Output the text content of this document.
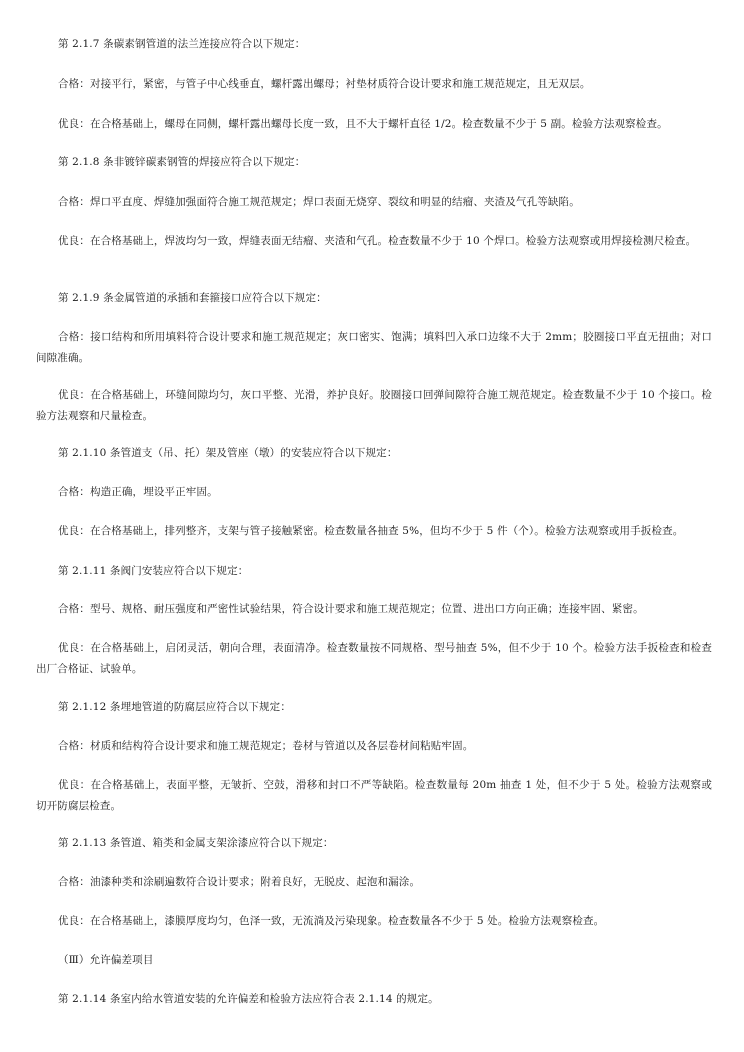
第 2.1.7 条碳素钢管道的法兰连接应符合以下规定：

合格：对接平行，紧密，与管子中心线垂直，螺杆露出螺母；衬垫材质符合设计要求和施工规范规定，且无双层。

优良：在合格基础上，螺母在同侧，螺杆露出螺母长度一致，且不大于螺杆直径 1/2。检查数量不少于 5 副。检验方法观察检查。

第 2.1.8 条非镀锌碳素钢管的焊接应符合以下规定：

合格：焊口平直度、焊缝加强面符合施工规范规定；焊口表面无烧穿、裂纹和明显的结瘤、夹渣及气孔等缺陷。

优良：在合格基础上，焊波均匀一致，焊缝表面无结瘤、夹渣和气孔。检查数量不少于 10 个焊口。检验方法观察或用焊接检测尺检查。

第 2.1.9 条金属管道的承插和套箍接口应符合以下规定：

合格：接口结构和所用填料符合设计要求和施工规范规定；灰口密实、饱满；填料凹入承口边缘不大于 2mm；胶圈接口平直无扭曲；对口间隙准确。

优良：在合格基础上，环缝间隙均匀，灰口平整、光滑，养护良好。胶圈接口回弹间隙符合施工规范规定。检查数量不少于 10 个接口。检验方法观察和尺量检查。

第 2.1.10 条管道支（吊、托）架及管座（墩）的安装应符合以下规定：

合格：构造正确，埋设平正牢固。

优良：在合格基础上，排列整齐，支架与管子接触紧密。检查数量各抽查 5%，但均不少于 5 件（个）。检验方法观察或用手扳检查。

第 2.1.11 条阀门安装应符合以下规定：

合格：型号、规格、耐压强度和严密性试验结果，符合设计要求和施工规范规定；位置、进出口方向正确；连接牢固、紧密。

优良：在合格基础上，启闭灵活，朝向合理，表面清净。检查数量按不同规格、型号抽查 5%，但不少于 10 个。检验方法手扳检查和检查出厂合格证、试验单。

第 2.1.12 条埋地管道的防腐层应符合以下规定：

合格：材质和结构符合设计要求和施工规范规定；卷材与管道以及各层卷材间粘贴牢固。

优良：在合格基础上，表面平整，无皱折、空鼓，滑移和封口不严等缺陷。检查数量每 20m 抽查 1 处，但不少于 5 处。检验方法观察或切开防腐层检查。

第 2.1.13 条管道、箱类和金属支架涂漆应符合以下规定：

合格：油漆种类和涂刷遍数符合设计要求；附着良好，无脱皮、起泡和漏涂。

优良：在合格基础上，漆膜厚度均匀，色泽一致，无流淌及污染现象。检查数量各不少于 5 处。检验方法观察检查。

（Ⅲ）允许偏差项目

第 2.1.14 条室内给水管道安装的允许偏差和检验方法应符合表 2.1.14 的规定。
